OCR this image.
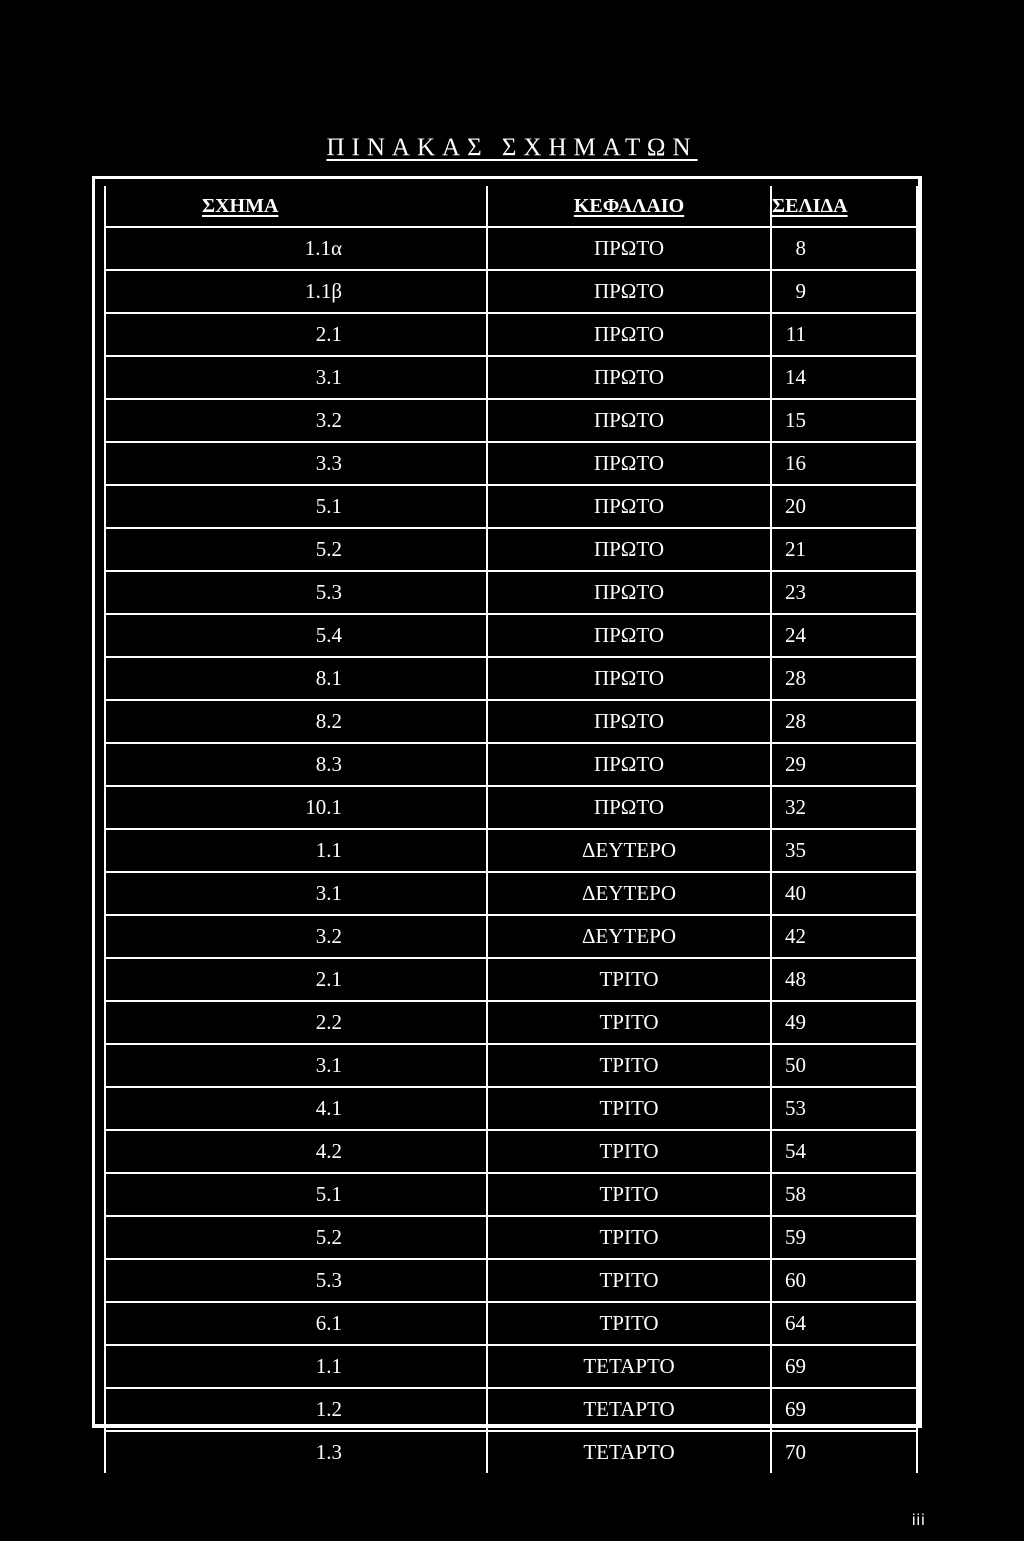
ΠΙΝΑΚΑΣ ΣΧΗΜΑΤΩΝ
ΣΧΗΜΑ	ΚΕΦΑΛΑΙΟ	ΣΕΛΙΔΑ
1.1α	ΠΡΩΤΟ	8
1.1β	ΠΡΩΤΟ	9
2.1	ΠΡΩΤΟ	11
3.1	ΠΡΩΤΟ	14
3.2	ΠΡΩΤΟ	15
3.3	ΠΡΩΤΟ	16
5.1	ΠΡΩΤΟ	20
5.2	ΠΡΩΤΟ	21
5.3	ΠΡΩΤΟ	23
5.4	ΠΡΩΤΟ	24
8.1	ΠΡΩΤΟ	28
8.2	ΠΡΩΤΟ	28
8.3	ΠΡΩΤΟ	29
10.1	ΠΡΩΤΟ	32
1.1	ΔΕΥΤΕΡΟ	35
3.1	ΔΕΥΤΕΡΟ	40
3.2	ΔΕΥΤΕΡΟ	42
2.1	ΤΡΙΤΟ	48
2.2	ΤΡΙΤΟ	49
3.1	ΤΡΙΤΟ	50
4.1	ΤΡΙΤΟ	53
4.2	ΤΡΙΤΟ	54
5.1	ΤΡΙΤΟ	58
5.2	ΤΡΙΤΟ	59
5.3	ΤΡΙΤΟ	60
6.1	ΤΡΙΤΟ	64
1.1	ΤΕΤΑΡΤΟ	69
1.2	ΤΕΤΑΡΤΟ	69
1.3	ΤΕΤΑΡΤΟ	70
iii
